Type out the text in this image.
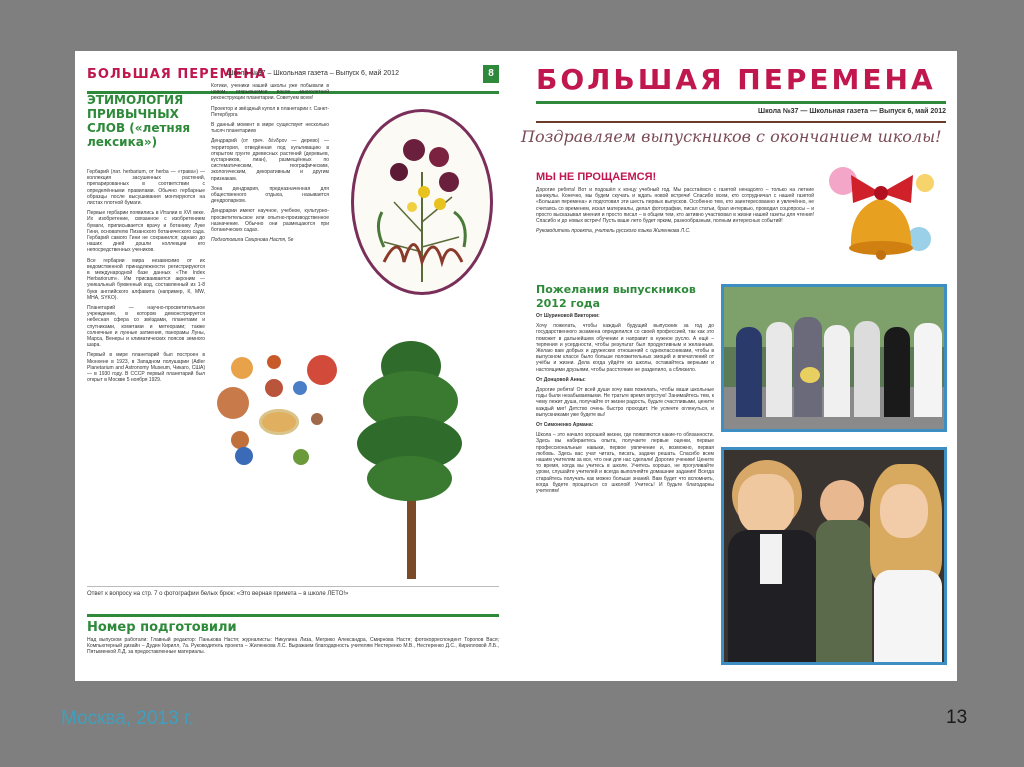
БОЛЬШАЯ ПЕРЕМЕНА
Школа №37 – Школьная газета – Выпуск 6, май 2012	8
ЭТИМОЛОГИЯ ПРИВЫЧНЫХ СЛОВ («летняя лексика»)

Гербарий (лат. herbarium, от herba — «травa») — коллекция засушенных растений, препарированных в соответствии с определёнными правилами. Обычно гербарные образцы после высушивания монтируются на листах плотной бумаги.

Первые гербарии появились в Италии в XVI веке. Их изобретение, связанное с изобретением бумаги, приписывается врачу и ботанику Луке Гини, основателю Пизанского ботанического сада. Гербарий самого Гини не сохранился; однако до наших дней дошли коллекции его непосредственных учеников.

Все гербарии мира независимо от их ведомственной принадлежности регистрируются в международной базе данных «The Index Herbariorum». Им присваивается акроним — уникальный буквенный код, составленный из 1-8 букв английского алфавита (например, К, MW, MHA, SYKO).

Планетарий — научно-просветительное учреждение, в котором демонстрируется небесная сфера со звёздами, планетами и спутниками, кометами и метеорами; также солнечные и лунные затмения, панорамы Луны, Марса, Венеры и климатических поясов земного шара.

Первый в мире планетарий был построен в Мюнхене в 1923, в Западном полушарии (Adler Planetarium and Astronomy Museum, Чикаго, США) — в 1930 году. В СССР первый планетарий был открыт в Москве 5 ноября 1929.

Котики, ученики нашей школы уже побывали в новом, открывшемся после многолетней реконструкции планетарии. Советуем всем!

Проектор и звёздный купол в планетарии г. Санкт-Петербурга

В данный момент в мире существует несколько тысяч планетариев

Дендрарий (от греч. δένδρον — дерево) — территория, отведённая под культивацию в открытом грунте древесных растений (деревьев, кустарников, лиан), размещённых по систематическим, географическим, экологическим, декоративным и другим признакам.

Зона дендрария, предназначенная для общественного отдыха, называется дендропарком.

Дендрарии имеют научное, учебное, культурно-просветительское или опытно-производственное назначение. Обычно они размещаются при ботанических садах.

Подготовила Смирнова Настя, 5е

Ответ к вопросу на стр. 7 о фотографии белых брюк: «Это верная примета – в школе ЛЕТО!»
Номер подготовили
Над выпуском работали: Главный редактор: Панькова Настя; журналисты: Никулина Лиза, Мегрико Александра, Смирнова Настя; фотокорреспондент Торопов Вася; Компьютерный дизайн – Дудин Кирилл, 7а. Руководитель проекта – Жиленкова Л.С. Выражаем благодарность учителям Нестеренко М.В., Нестеренко Д.С., Кирилловой Л.Б., Пятыменкой Л.Д. за предоставленные материалы.
БОЛЬШАЯ ПЕРЕМЕНА
Школа №37 — Школьная газета — Выпуск 6, май 2012
Поздравляем выпускников с окончанием школы!
МЫ НЕ ПРОЩАЕМСЯ!

Дорогие ребята! Вот и подошёл к концу учебный год. Мы расстаёмся с газетой ненадолго – только на летние каникулы. Конечно, мы будем скучать и ждать новой встречи! Спасибо всем, кто сотрудничал с нашей газетой «Большая перемена» и подготовил эти шесть первых выпусков. Особенно тем, кто заинтересованно и увлечённо, не считаясь со временем, искал материалы, делал фотографии, писал статьи, брал интервью, проводил соцопросы – и просто высказывал мнения и просто писал – в общем тем, кто активно участвовал в жизни нашей газеты для чтения! Спасибо и до новых встреч! Пусть ваше лето будет ярким, разнообразным, полным интересных событий!

Руководитель проекта, учитель русского языка Жиленкова Л.С.

Пожелания выпускников 2012 года

От Шуриновой Виктории:

Хочу пожелать, чтобы каждый будущий выпускник за год до государственного экзамена определился со своей профессией, так как это поможет в дальнейшем обучении и направит в нужное русло. А ещё – терпения и усердности, чтобы результат был продуктивным и желанным. Желаю вам добрых и дружеских отношений с одноклассниками, чтобы в выпускном классе было больше положительных эмоций и впечатлений от учёбы и жизни. Дела когда уйдёте из школы, оставайтесь верными и настоящими друзьями, чтобы расстояние не разделило, а сблизило.

От Донцовой Анны:

Дорогие ребята! От всей души хочу вам пожелать, чтобы ваши школьные годы были незабываемыми. Не тратьте время впустую! Занимайтесь тем, к чему лежит душа, получайте от жизни радость, будьте счастливыми, цените каждый миг! Детство очень быстро проходит. Не успеете оглянуться, и выпускниками уже будете вы!

От Симоненко Армана:

Школа – это начало хорошей жизни, где появляются какие-то обязанности. Здесь вы набираетесь опыта, получаете первые оценки, первые профессиональные навыки, первое увлечение и, возможно, первая любовь. Здесь вас учат читать, писать, задачи решать. Спасибо всем нашим учителям за все, что они для нас сделали! Дорогие ученики! Цените то время, когда вы учитесь в школе. Учитесь хорошо, не прогуливайте уроки, слушайте учителей и всегда выполняйте домашние задания! Всегда старайтесь получать как можно больше знаний. Вам будет что вспомнить, когда будете прощаться со школой! Учитесь! И будьте благодарны учителям!

Москва, 2013 г.	13
